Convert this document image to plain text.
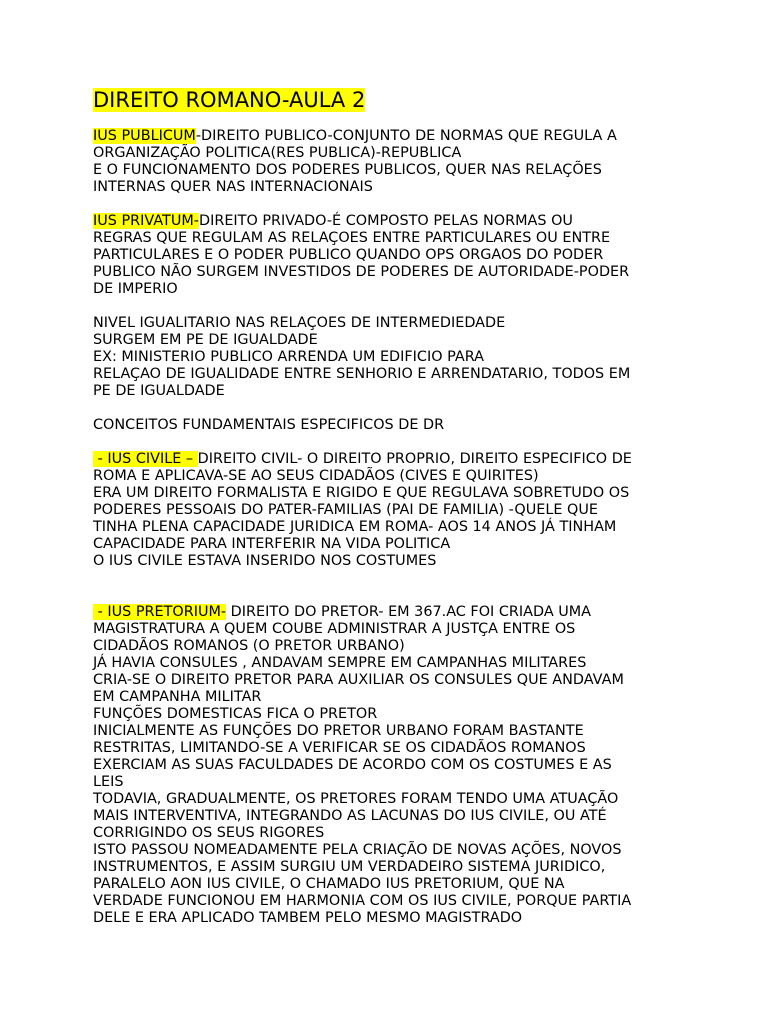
DIREITO ROMANO-AULA 2
IUS PUBLICUM-DIREITO PUBLICO-CONJUNTO DE NORMAS QUE REGULA A
ORGANIZAÇÃO POLITICA(RES PUBLICA)-REPUBLICA
E O FUNCIONAMENTO DOS PODERES PUBLICOS, QUER NAS RELAÇÕES
INTERNAS QUER NAS INTERNACIONAIS
IUS PRIVATUM-DIREITO PRIVADO-É COMPOSTO PELAS NORMAS OU
REGRAS QUE REGULAM AS RELAÇOES ENTRE PARTICULARES OU ENTRE
PARTICULARES E O PODER PUBLICO QUANDO OPS ORGAOS DO PODER
PUBLICO NÃO SURGEM INVESTIDOS DE PODERES DE AUTORIDADE-PODER
DE IMPERIO
NIVEL IGUALITARIO NAS RELAÇOES DE INTERMEDIEDADE
SURGEM EM PE DE IGUALDADE
EX: MINISTERIO PUBLICO ARRENDA UM EDIFICIO PARA
RELAÇAO DE IGUALIDADE ENTRE SENHORIO E ARRENDATARIO, TODOS EM
PE DE IGUALDADE
CONCEITOS FUNDAMENTAIS ESPECIFICOS DE DR
- IUS CIVILE – DIREITO CIVIL- O DIREITO PROPRIO, DIREITO ESPECIFICO DE
ROMA E APLICAVA-SE AO SEUS CIDADÃOS (CIVES E QUIRITES)
ERA UM DIREITO FORMALISTA E RIGIDO E QUE REGULAVA SOBRETUDO OS
PODERES PESSOAIS DO PATER-FAMILIAS (PAI DE FAMILIA) -QUELE QUE
TINHA PLENA CAPACIDADE JURIDICA EM ROMA- AOS 14 ANOS JÁ TINHAM
CAPACIDADE PARA INTERFERIR NA VIDA POLITICA
O IUS CIVILE ESTAVA INSERIDO NOS COSTUMES
- IUS PRETORIUM- DIREITO DO PRETOR- EM 367.AC FOI CRIADA UMA
MAGISTRATURA A QUEM COUBE ADMINISTRAR A JUSTÇA ENTRE OS
CIDADÃOS ROMANOS (O PRETOR URBANO)
JÁ HAVIA CONSULES , ANDAVAM SEMPRE EM CAMPANHAS MILITARES
CRIA-SE O DIREITO PRETOR PARA AUXILIAR OS CONSULES QUE ANDAVAM
EM CAMPANHA MILITAR
FUNÇÕES DOMESTICAS FICA O PRETOR
INICIALMENTE AS FUNÇÕES DO PRETOR URBANO FORAM BASTANTE
RESTRITAS, LIMITANDO-SE A VERIFICAR SE OS CIDADÃOS ROMANOS
EXERCIAM AS SUAS FACULDADES DE ACORDO COM OS COSTUMES E AS
LEIS
TODAVIA, GRADUALMENTE, OS PRETORES FORAM TENDO UMA ATUAÇÃO
MAIS INTERVENTIVA, INTEGRANDO AS LACUNAS DO IUS CIVILE, OU ATÉ
CORRIGINDO OS SEUS RIGORES
ISTO PASSOU NOMEADAMENTE PELA CRIAÇÃO DE NOVAS AÇÕES, NOVOS
INSTRUMENTOS, E ASSIM SURGIU UM VERDADEIRO SISTEMA JURIDICO,
PARALELO AON IUS CIVILE, O CHAMADO IUS PRETORIUM, QUE NA
VERDADE FUNCIONOU EM HARMONIA COM OS IUS CIVILE, PORQUE PARTIA
DELE E ERA APLICADO TAMBEM PELO MESMO MAGISTRADO
